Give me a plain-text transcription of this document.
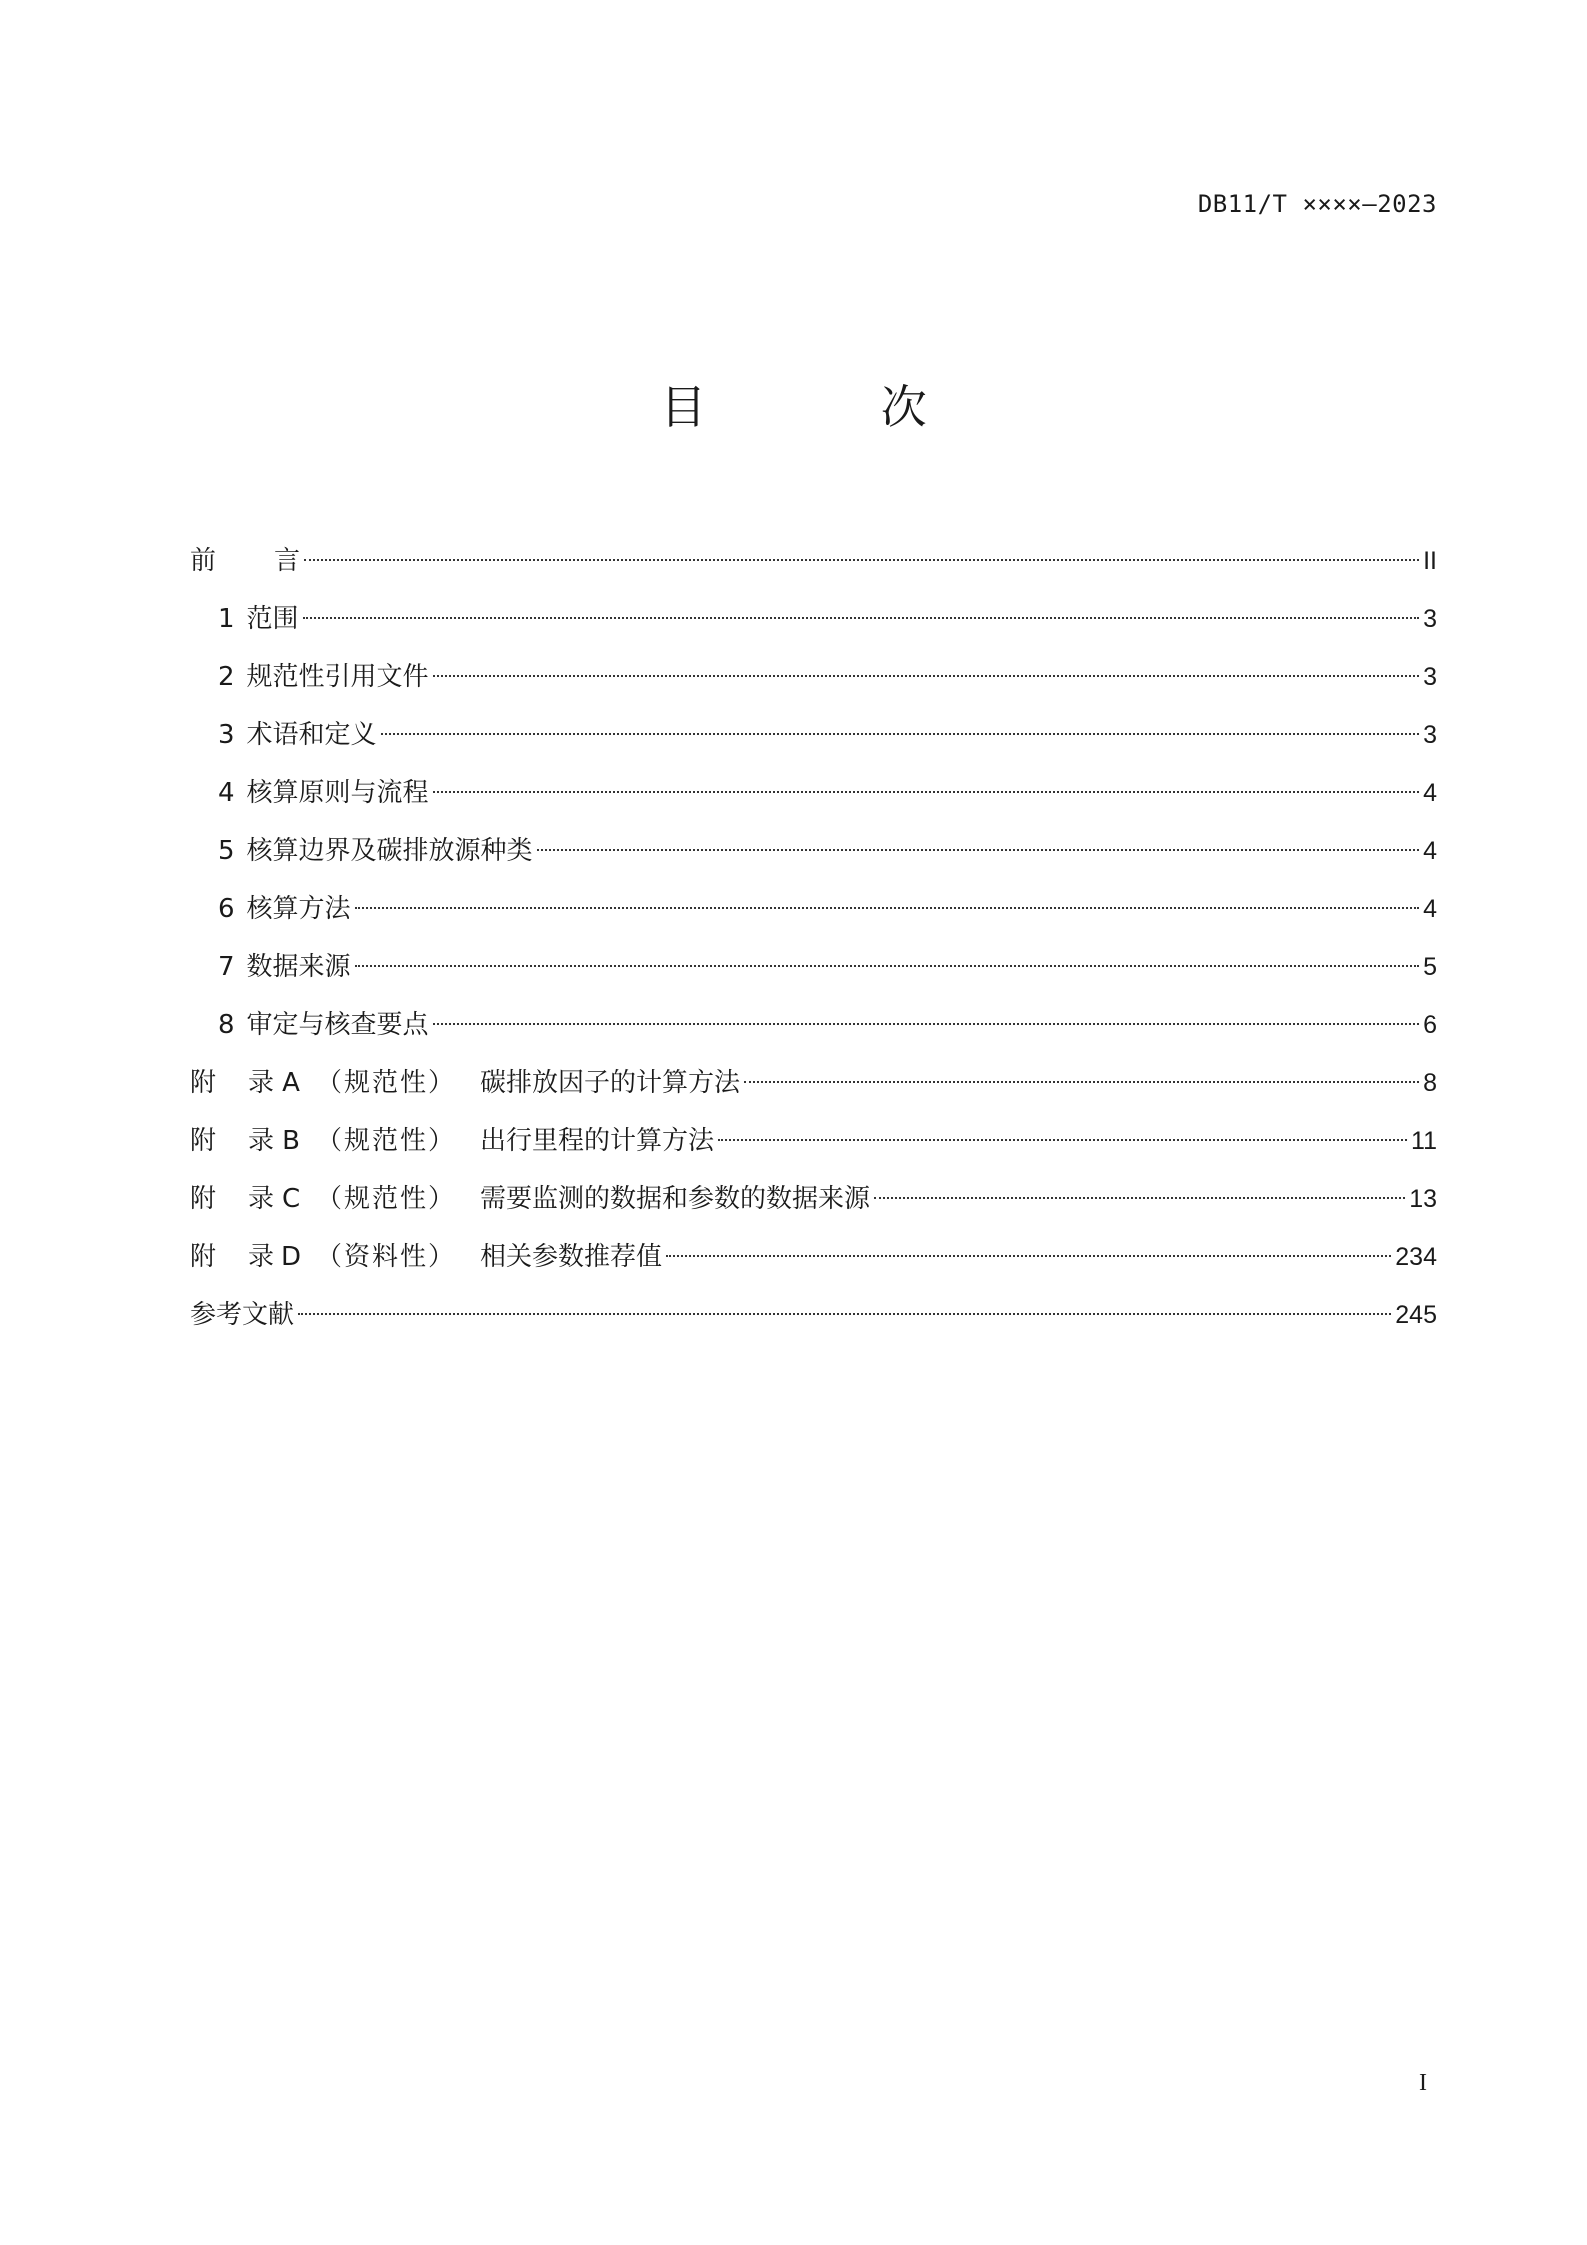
DB11/T ××××—2023
目 次
前 言	II
1 范围	3
2 规范性引用文件	3
3 术语和定义	3
4 核算原则与流程	4
5 核算边界及碳排放源种类	4
6 核算方法	4
7 数据来源	5
8 审定与核查要点	6
附 录 A （规范性） 碳排放因子的计算方法	8
附 录 B （规范性） 出行里程的计算方法	11
附 录 C （规范性） 需要监测的数据和参数的数据来源	13
附 录 D （资料性） 相关参数推荐值	234
参考文献	245
I
